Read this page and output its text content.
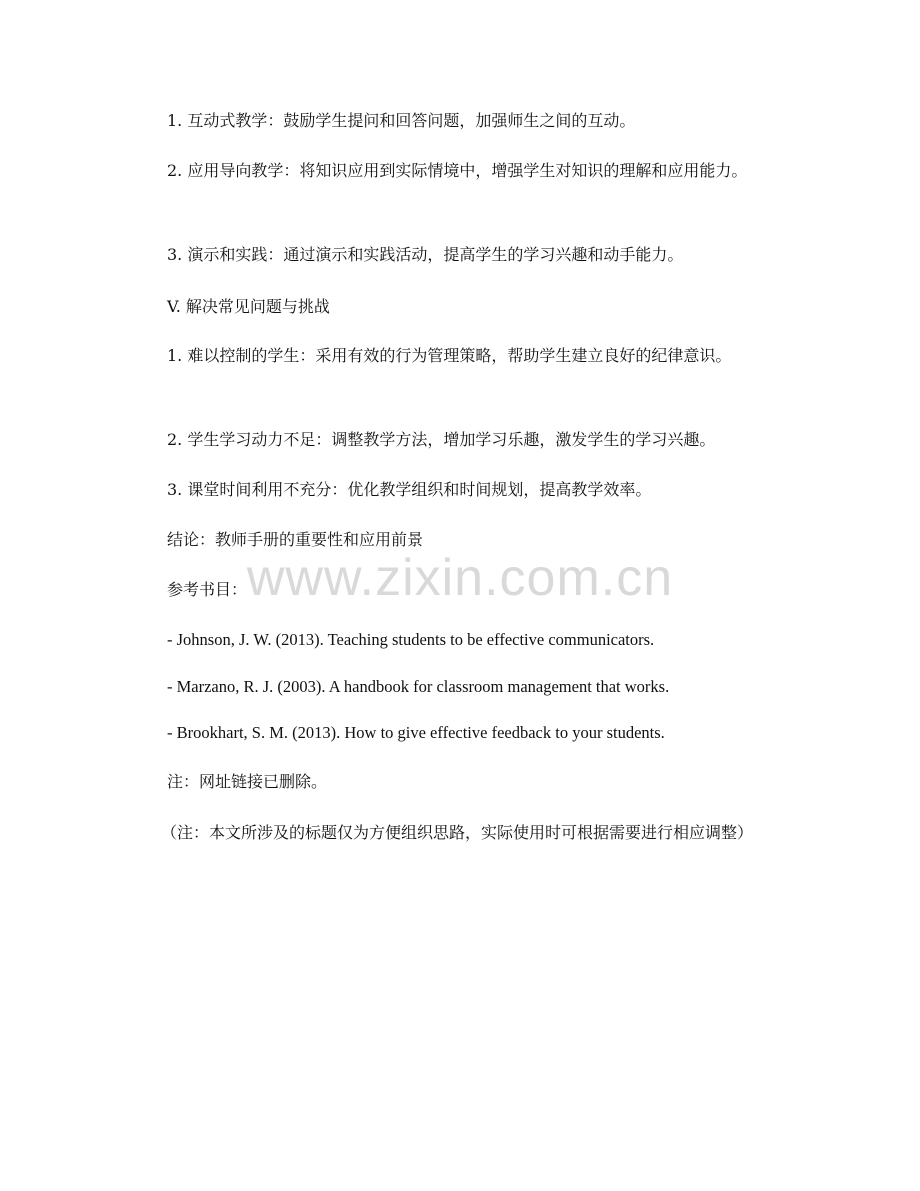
1. 互动式教学：鼓励学生提问和回答问题，加强师生之间的互动。

2. 应用导向教学：将知识应用到实际情境中，增强学生对知识的理解和应用能力。

3. 演示和实践：通过演示和实践活动，提高学生的学习兴趣和动手能力。

V. 解决常见问题与挑战

1. 难以控制的学生：采用有效的行为管理策略，帮助学生建立良好的纪律意识。

2. 学生学习动力不足：调整教学方法，增加学习乐趣，激发学生的学习兴趣。

3. 课堂时间利用不充分：优化教学组织和时间规划，提高教学效率。

结论：教师手册的重要性和应用前景

参考书目：

- Johnson, J. W. (2013). Teaching students to be effective communicators.

- Marzano, R. J. (2003). A handbook for classroom management that works.

- Brookhart, S. M. (2013). How to give effective feedback to your students.

注：网址链接已删除。

（注：本文所涉及的标题仅为方便组织思路，实际使用时可根据需要进行相应调整）

www.zixin.com.cn
